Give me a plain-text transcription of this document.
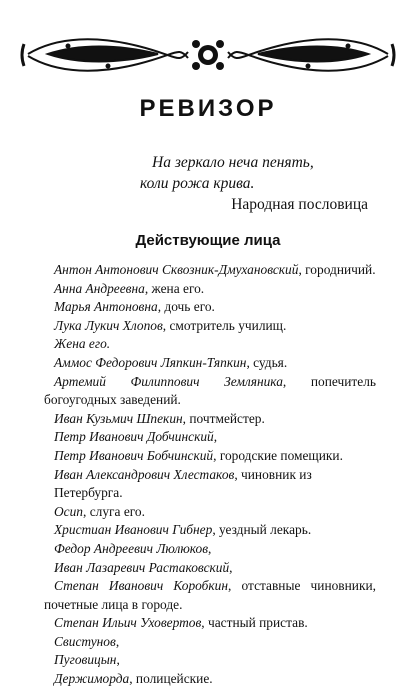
РЕВИЗОР
На зеркало неча пенять,
коли рожа крива.
Народная пословица
Действующие лица
Антон Антонович Сквозник-Дмухановский, городничий.
Анна Андреевна, жена его.
Марья Антоновна, дочь его.
Лука Лукич Хлопов, смотритель училищ.
Жена его.
Аммос Федорович Ляпкин-Тяпкин, судья.
Артемий Филиппович Земляника, попечитель богоугодных заведений.
Иван Кузьмич Шпекин, почтмейстер.
Петр Иванович Добчинский,
Петр Иванович Бобчинский, городские помещики.
Иван Александрович Хлестаков, чиновник из Петербурга.
Осип, слуга его.
Христиан Иванович Гибнер, уездный лекарь.
Федор Андреевич Люлюков,
Иван Лазаревич Растаковский,
Степан Иванович Коробкин, отставные чиновники, почетные лица в городе.
Степан Ильич Уховертов, частный пристав.
Свистунов,
Пуговицын,
Держиморда, полицейские.
